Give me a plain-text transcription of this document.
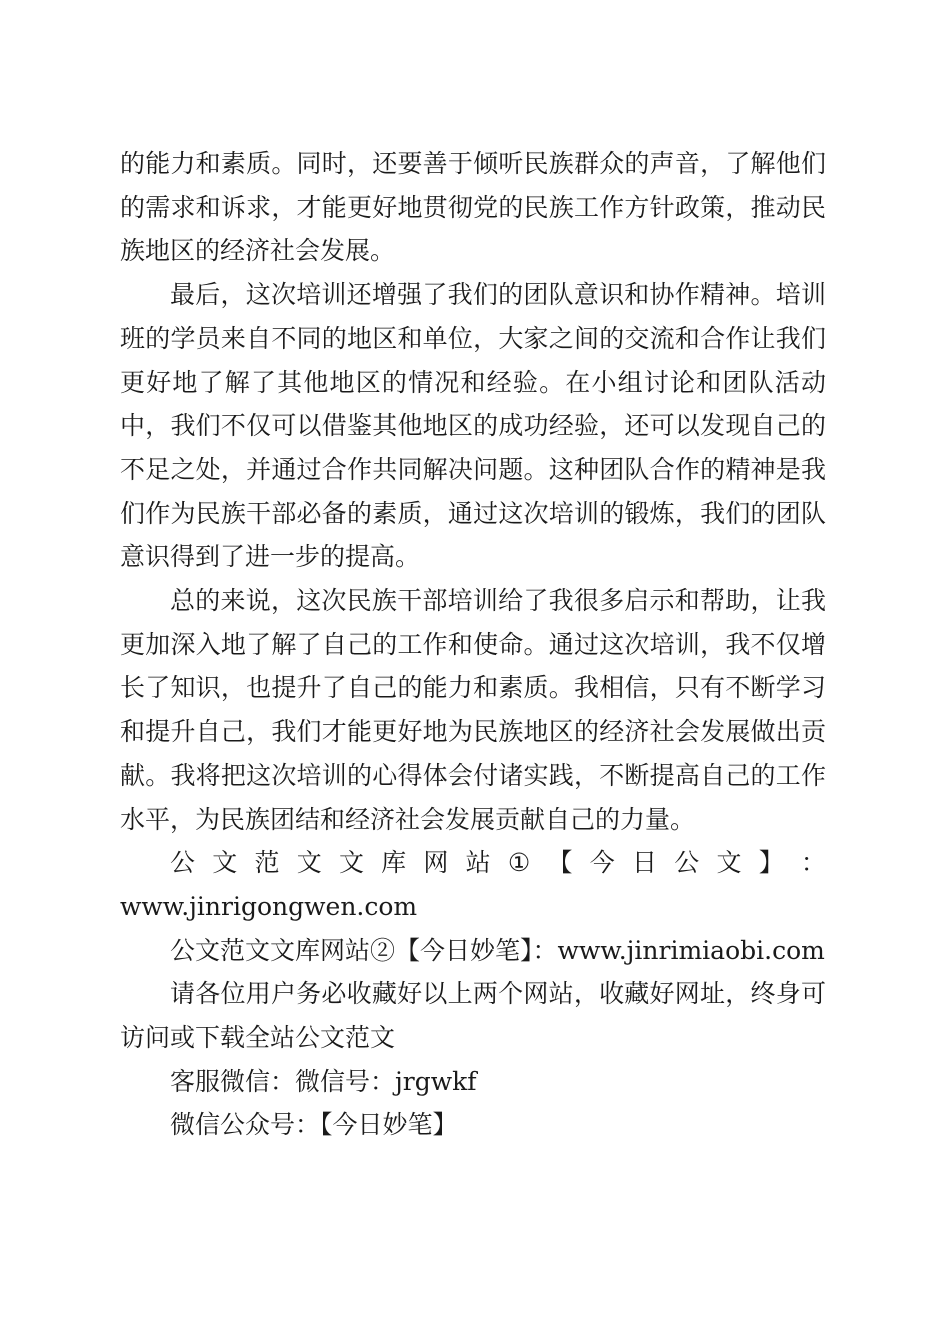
的能力和素质。同时，还要善于倾听民族群众的声音，了解他们的需求和诉求，才能更好地贯彻党的民族工作方针政策，推动民族地区的经济社会发展。

最后，这次培训还增强了我们的团队意识和协作精神。培训班的学员来自不同的地区和单位，大家之间的交流和合作让我们更好地了解了其他地区的情况和经验。在小组讨论和团队活动中，我们不仅可以借鉴其他地区的成功经验，还可以发现自己的不足之处，并通过合作共同解决问题。这种团队合作的精神是我们作为民族干部必备的素质，通过这次培训的锻炼，我们的团队意识得到了进一步的提高。

总的来说，这次民族干部培训给了我很多启示和帮助，让我更加深入地了解了自己的工作和使命。通过这次培训，我不仅增长了知识，也提升了自己的能力和素质。我相信，只有不断学习和提升自己，我们才能更好地为民族地区的经济社会发展做出贡献。我将把这次培训的心得体会付诸实践，不断提高自己的工作水平，为民族团结和经济社会发展贡献自己的力量。

公 文 范 文 文 库 网 站 ① 【 今 日 公 文 】 ：

www.jinrigongwen.com

公文范文文库网站②【今日妙笔】：www.jinrimiaobi.com

请各位用户务必收藏好以上两个网站，收藏好网址，终身可访问或下载全站公文范文

客服微信：微信号：jrgwkf

微信公众号：【今日妙笔】
